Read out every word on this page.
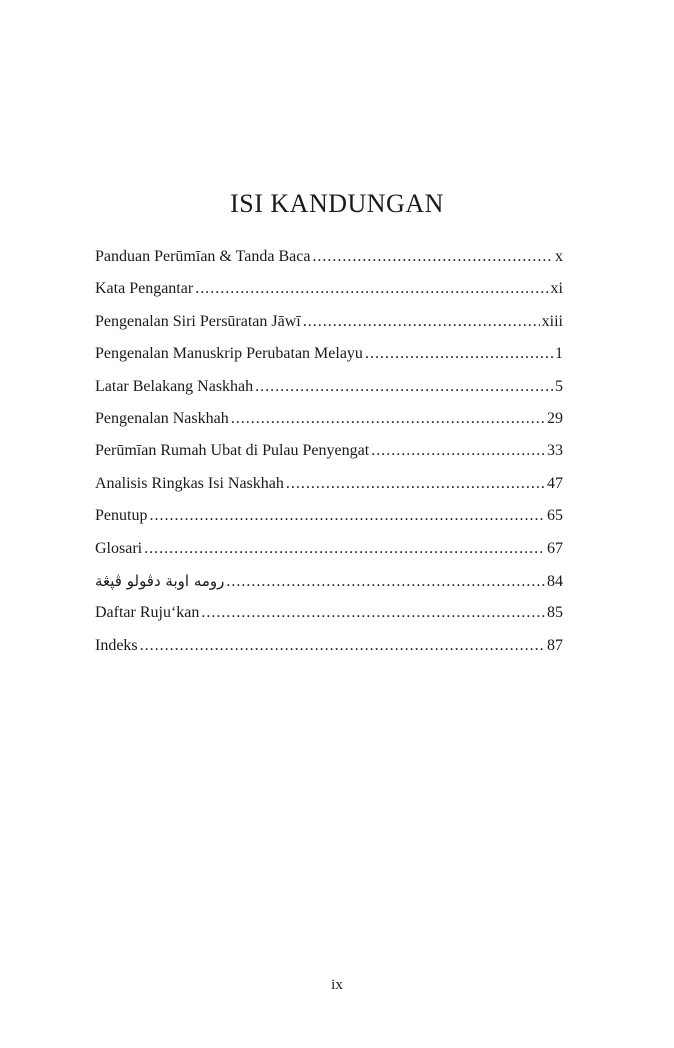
ISI KANDUNGAN
Panduan Perūmīan & Tanda Baca .....	x
Kata Pengantar .....	xi
Pengenalan Siri Persūratan Jāwī .....	xiii
Pengenalan Manuskrip Perubatan Melayu .....	1
Latar Belakang Naskhah .....	5
Pengenalan Naskhah .....	29
Perūmīan Rumah Ubat di Pulau Penyengat .....	33
Analisis Ringkas Isi Naskhah .....	47
Penutup .....	65
Glosari .....	67
رومه اوبة دڤولو ڤڽڠة .....	84
Daftar Ruju‘kan .....	85
Indeks .....	87
ix
